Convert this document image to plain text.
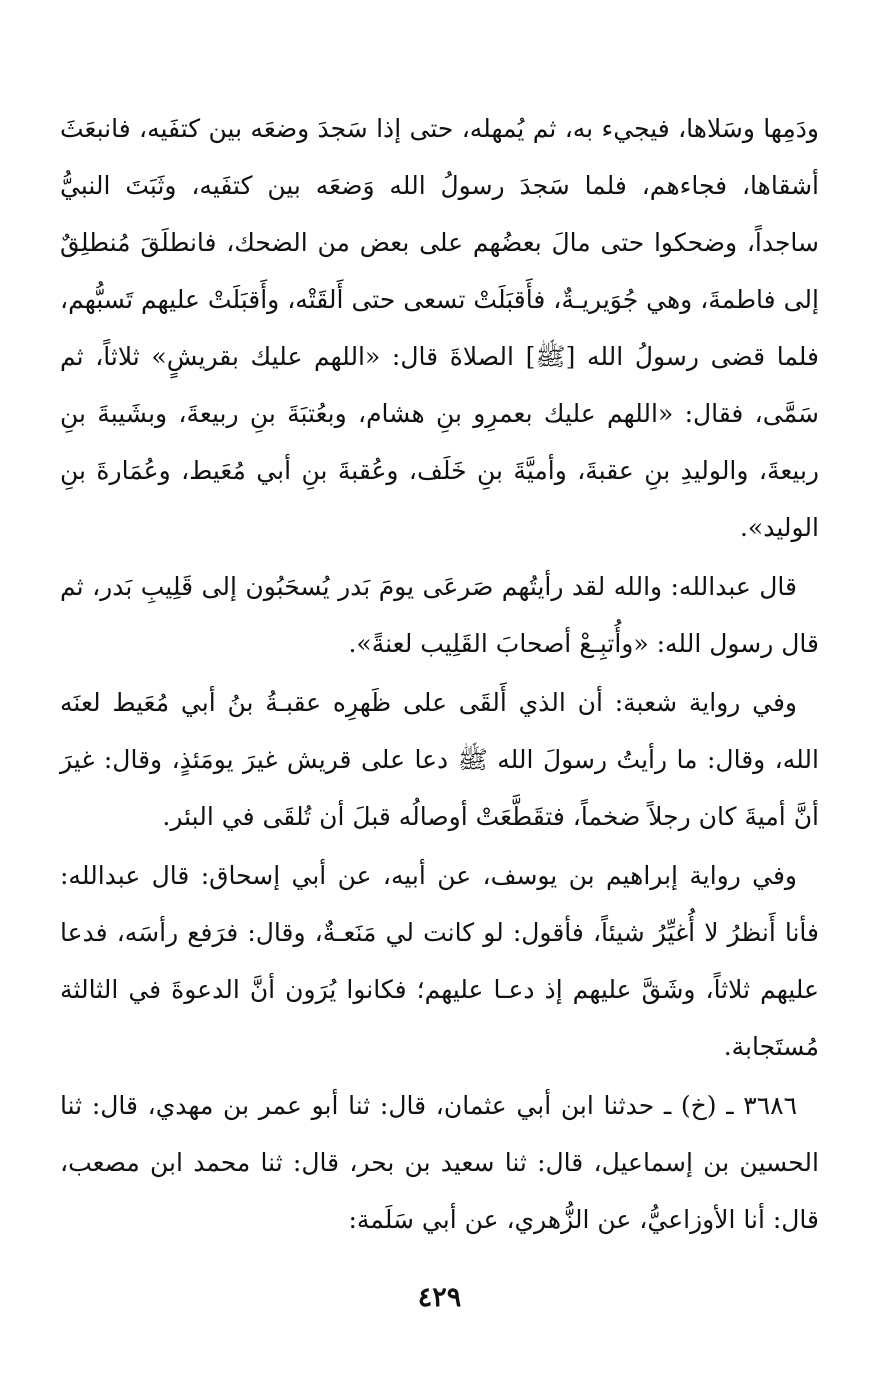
ودَمِها وسَلاها، فيجيء به، ثم يُمهله، حتى إذا سَجدَ وضعَه بين كتفَيه، فانبعَثَ أشقاها، فجاءهم، فلما سَجدَ رسولُ الله وَضعَه بين كتفَيه، وثَبَتَ النبيُّ ساجداً، وضحكوا حتى مالَ بعضُهم على بعض من الضحك، فانطلَقَ مُنطلِقٌ إلى فاطمةَ، وهي جُوَيريـةٌ، فأَقبَلَتْ تسعى حتى أَلقَتْه، وأَقبَلَتْ عليهم تَسبُّهم، فلما قضى رسولُ الله [ﷺ] الصلاةَ قال: «اللهم عليك بقريشٍ» ثلاثاً، ثم سَمَّى، فقال: «اللهم عليك بعمرِو بنِ هشام، وبعُتبَةَ بنِ ربيعةَ، وبشَيبةَ بنِ ربيعةَ، والوليدِ بنِ عقبةَ، وأميَّةَ بنِ خَلَف، وعُقبةَ بنِ أبي مُعَيط، وعُمَارةَ بنِ الوليد».

قال عبدالله: والله لقد رأيتُهم صَرعَى يومَ بَدر يُسحَبُون إلى قَلِيبِ بَدر، ثم قال رسول الله: «وأُتبِـعْ أصحابَ القَلِيب لعنةً».

وفي رواية شعبة: أن الذي أَلقَى على ظَهرِه عقبـةُ بنُ أبي مُعَيط لعنَه الله، وقال: ما رأيتُ رسولَ الله ﷺ دعا على قريش غيرَ يومَئذٍ، وقال: غيرَ أنَّ أميةَ كان رجلاً ضخماً، فتقَطَّعَتْ أوصالُه قبلَ أن تُلقَى في البئر.

وفي رواية إبراهيم بن يوسف، عن أبيه، عن أبي إسحاق: قال عبدالله: فأنا أَنظرُ لا أُغيِّرُ شيئاً، فأقول: لو كانت لي مَنَعـةٌ، وقال: فرَفع رأسَه، فدعا عليهم ثلاثاً، وشَقَّ عليهم إذ دعـا عليهم؛ فكانوا يُرَون أنَّ الدعوةَ في الثالثة مُستَجابة.

٣٦٨٦ ـ (خ) ـ حدثنا ابن أبي عثمان، قال: ثنا أبو عمر بن مهدي، قال: ثنا الحسين بن إسماعيل، قال: ثنا سعيد بن بحر، قال: ثنا محمد ابن مصعب، قال: أنا الأوزاعيُّ، عن الزُّهري، عن أبي سَلَمة:

٤٢٩
